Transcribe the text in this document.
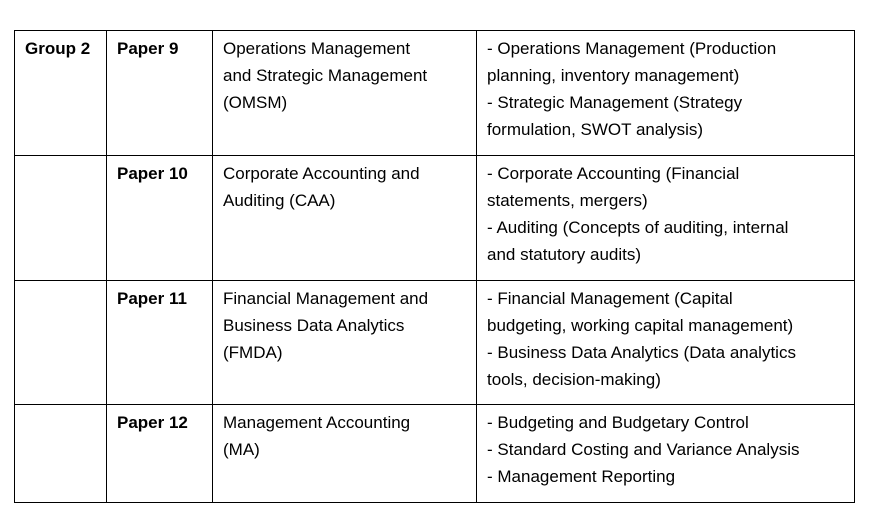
Group 2	Paper 9	Operations Management
and Strategic Management
(OMSM)	- Operations Management (Production
planning, inventory management)
- Strategic Management (Strategy
formulation, SWOT analysis)

	Paper 10	Corporate Accounting and
Auditing (CAA)	- Corporate Accounting (Financial
statements, mergers)
- Auditing (Concepts of auditing, internal
and statutory audits)

	Paper 11	Financial Management and
Business Data Analytics
(FMDA)	- Financial Management (Capital
budgeting, working capital management)
- Business Data Analytics (Data analytics
tools, decision-making)

	Paper 12	Management Accounting
(MA)	- Budgeting and Budgetary Control
- Standard Costing and Variance Analysis
- Management Reporting
